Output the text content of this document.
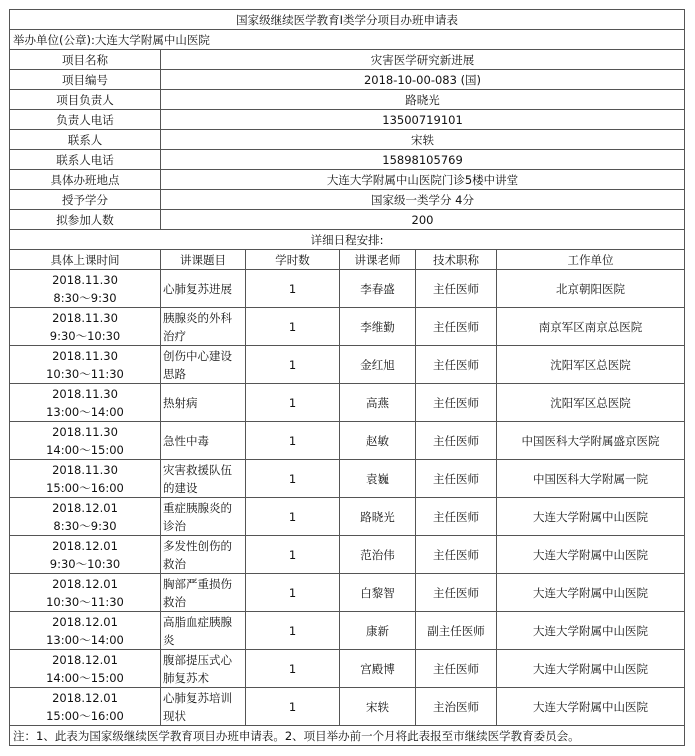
国家级继续医学教育I类学分项目办班申请表					
举办单位(公章):大连大学附属中山医院					
项目名称	灾害医学研究新进展				
项目编号	2018-10-00-083 (国)				
项目负责人	路晓光				
负责人电话	13500719101				
联系人	宋轶				
联系人电话	15898105769				
具体办班地点	大连大学附属中山医院门诊5楼中讲堂				
授予学分	国家级一类学分 4分				
拟参加人数	200				
详细日程安排:					
具体上课时间	讲课题目	学时数	讲课老师	技术职称	工作单位

2018.11.30
8:30～9:30	心肺复苏进展	1	李春盛	主任医师	北京朝阳医院

2018.11.30
9:30～10:30	胰腺炎的外科治疗	1	李维勤	主任医师	南京军区南京总医院

2018.11.30
10:30～11:30	创伤中心建设思路	1	金红旭	主任医师	沈阳军区总医院

2018.11.30
13:00～14:00	热射病	1	高燕	主任医师	沈阳军区总医院

2018.11.30
14:00～15:00	急性中毒	1	赵敏	主任医师	中国医科大学附属盛京医院

2018.11.30
15:00～16:00	灾害救援队伍的建设	1	袁巍	主任医师	中国医科大学附属一院

2018.12.01
8:30～9:30	重症胰腺炎的诊治	1	路晓光	主任医师	大连大学附属中山医院

2018.12.01
9:30～10:30	多发性创伤的救治	1	范治伟	主任医师	大连大学附属中山医院

2018.12.01
10:30～11:30	胸部严重损伤救治	1	白黎智	主任医师	大连大学附属中山医院

2018.12.01
13:00～14:00	高脂血症胰腺炎	1	康新	副主任医师	大连大学附属中山医院

2018.12.01
14:00～15:00	腹部提压式心肺复苏术	1	宫殿博	主任医师	大连大学附属中山医院

2018.12.01
15:00～16:00	心肺复苏培训现状	1	宋轶	主治医师	大连大学附属中山医院
注：1、此表为国家级继续医学教育项目办班申请表。2、项目举办前一个月将此表报至市继续医学教育委员会。					
